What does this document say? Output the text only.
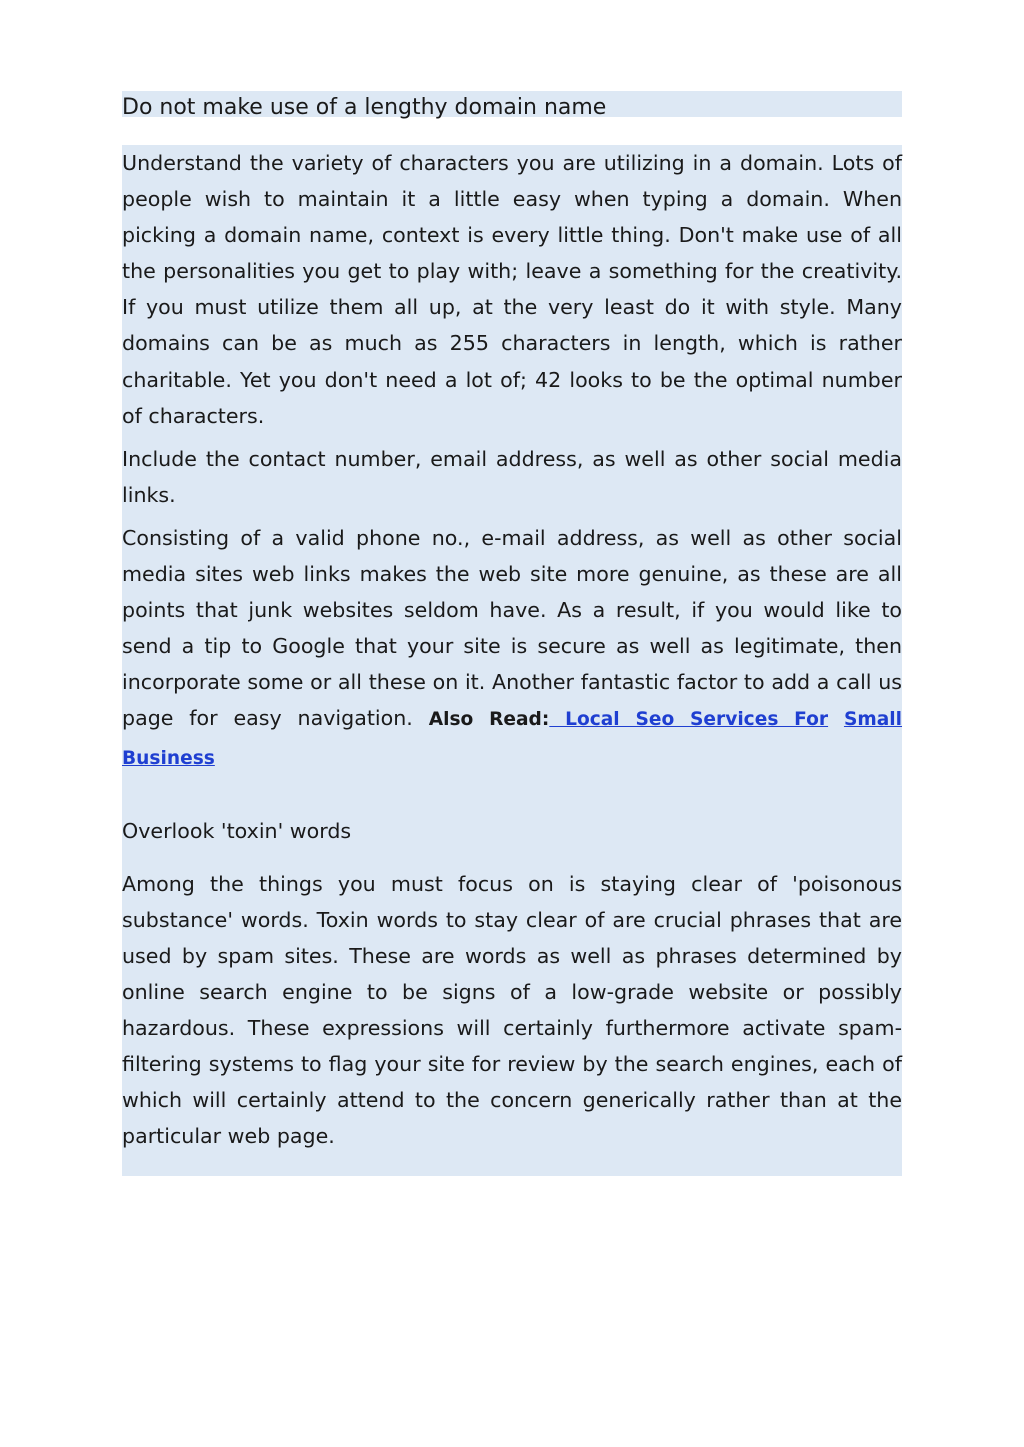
Do not make use of a lengthy domain name

Understand the variety of characters you are utilizing in a domain. Lots of people wish to maintain it a little easy when typing a domain. When picking a domain name, context is every little thing. Don't make use of all the personalities you get to play with; leave a something for the creativity. If you must utilize them all up, at the very least do it with style. Many domains can be as much as 255 characters in length, which is rather charitable. Yet you don't need a lot of; 42 looks to be the optimal number of characters.

Include the contact number, email address, as well as other social media links.

Consisting of a valid phone no., e-mail address, as well as other social media sites web links makes the web site more genuine, as these are all points that junk websites seldom have. As a result, if you would like to send a tip to Google that your site is secure as well as legitimate, then incorporate some or all these on it. Another fantastic factor to add a call us page for easy navigation. Also Read: Local Seo Services For Small Business

Overlook 'toxin' words

Among the things you must focus on is staying clear of 'poisonous substance' words. Toxin words to stay clear of are crucial phrases that are used by spam sites. These are words as well as phrases determined by online search engine to be signs of a low-grade website or possibly hazardous. These expressions will certainly furthermore activate spam-filtering systems to flag your site for review by the search engines, each of which will certainly attend to the concern generically rather than at the particular web page.
